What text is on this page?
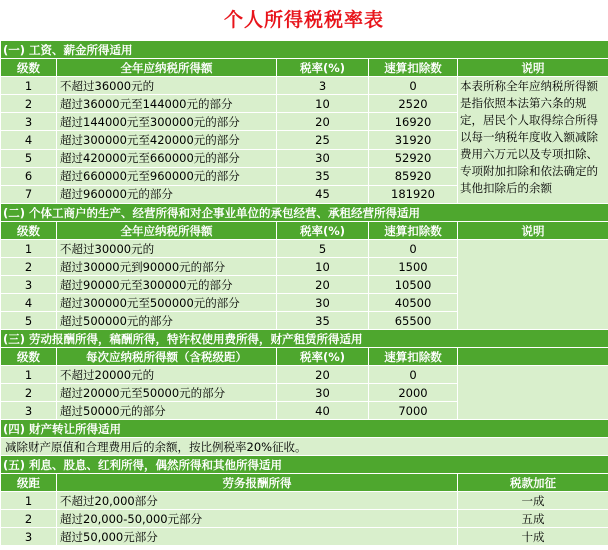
个人所得税税率表
(一) 工资、薪金所得适用				
级数	全年应纳税所得额	税率(%)	速算扣除数	说明
1	不超过36000元的	3	0	本表所称全年应纳税所得额是指依照本法第六条的规定，居民个人取得综合所得以每一纳税年度收入额减除费用六万元以及专项扣除、专项附加扣除和依法确定的其他扣除后的余额

2	超过36000元至144000元的部分	10	2520	
3	超过144000元至300000元的部分	20	16920	
4	超过300000元至420000元的部分	25	31920	
5	超过420000元至660000元的部分	30	52920	
6	超过660000元至960000元的部分	35	85920	
7	超过960000元的部分	45	181920	
(二) 个体工商户的生产、经营所得和对企事业单位的承包经营、承租经营所得适用				
级数	全年应纳税所得额	税率(%)	速算扣除数	说明
1	不超过30000元的	5	0	
2	超过30000元到90000元的部分	10	1500	
3	超过90000元至300000元的部分	20	10500	
4	超过300000元至500000元的部分	30	40500	
5	超过500000元的部分	35	65500	
(三) 劳动报酬所得，稿酬所得，特许权使用费所得，财产租赁所得适用				
级数	每次应纳税所得额（含税级距）	税率(%)	速算扣除数	
1	不超过20000元的	20	0	
2	超过20000元至50000元的部分	30	2000	
3	超过50000元的部分	40	7000	
(四) 财产转让所得适用				
减除财产原值和合理费用后的余额，按比例税率20%征收。				
(五) 利息、股息、红利所得，偶然所得和其他所得适用				
级距	劳务报酬所得			税款加征
1	不超过20,000部分			一成
2	超过20,000-50,000元部分			五成
3	超过50,000元部分			十成
